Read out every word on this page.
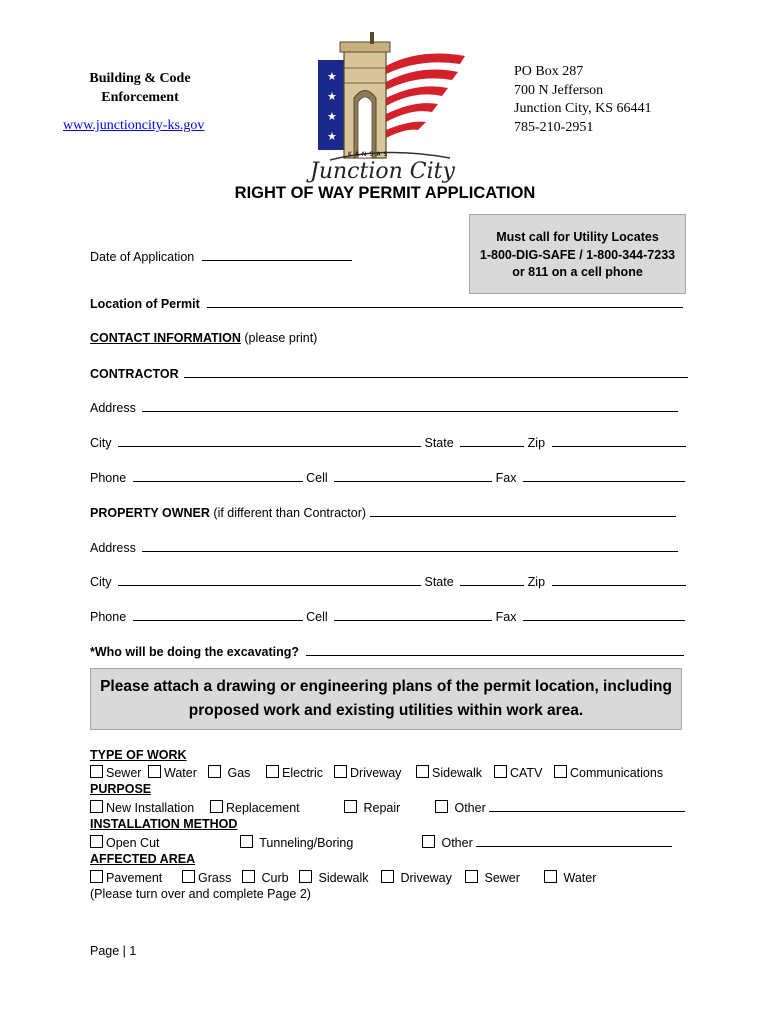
Building & Code
Enforcement
www.junctioncity-ks.gov
★
★
★
★
KANSAS
Junction City
PO Box 287
700 N Jefferson
Junction City, KS 66441
785-210-2951
RIGHT OF WAY PERMIT APPLICATION
Must call for Utility Locates
1-800-DIG-SAFE / 1-800-344-7233
or 811 on a cell phone
Date of Application
Location of Permit
CONTACT INFORMATION (please print)
CONTRACTOR
Address
City	State	Zip
Phone	Cell	Fax
PROPERTY OWNER (if different than Contractor)
Address
City	State	Zip
Phone	Cell	Fax
*Who will be doing the excavating?
Please attach a drawing or engineering plans of the permit location, including
proposed work and existing utilities within work area.
TYPE OF WORK
Sewer	Water	Gas	Electric	Driveway	Sidewalk	CATV	Communications
PURPOSE
New Installation	Replacement	Repair	Other
INSTALLATION METHOD
Open Cut	Tunneling/Boring	Other
AFFECTED AREA
Pavement	Grass	Curb	Sidewalk	Driveway	Sewer	Water
(Please turn over and complete Page 2)
Page | 1
